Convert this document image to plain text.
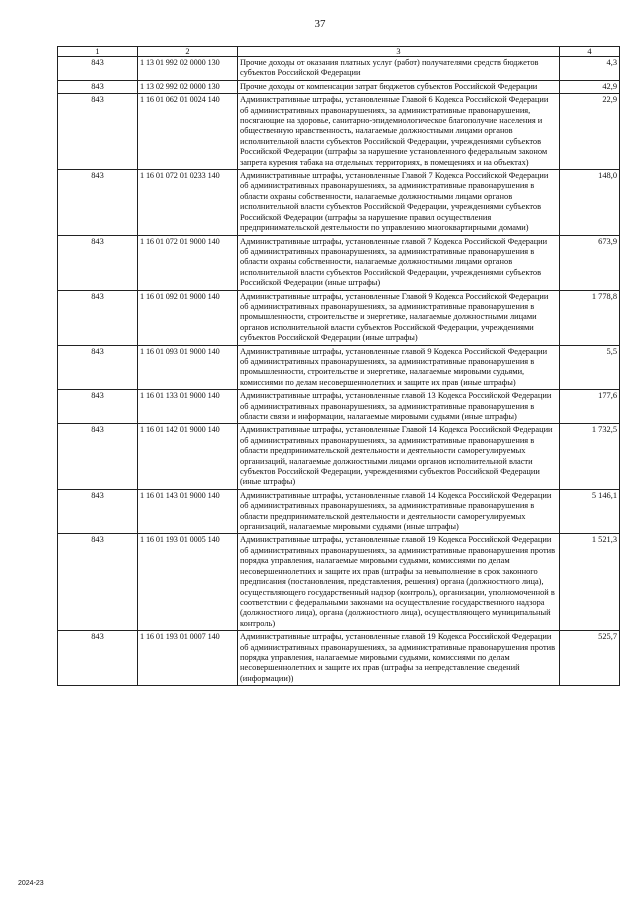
37
1	2	3	4
843	1 13 01 992 02 0000 130	Прочие доходы от оказания платных услуг (работ) получателями средств бюджетов субъектов Российской Федерации	4,3
843	1 13 02 992 02 0000 130	Прочие доходы от компенсации затрат бюджетов субъектов Российской Федерации	42,9
843	1 16 01 062 01 0024 140	Административные штрафы, установленные Главой 6 Кодекса Российской Федерации об административных правонарушениях, за административные правонарушения, посягающие на здоровье, санитарно-эпидемиологическое благополучие населения и общественную нравственность, налагаемые должностными лицами органов исполнительной власти субъектов Российской Федерации, учреждениями субъектов Российской Федерации (штрафы за нарушение установленного федеральным законом запрета курения табака на отдельных территориях, в помещениях и на объектах)	22,9
843	1 16 01 072 01 0233 140	Административные штрафы, установленные Главой 7 Кодекса Российской Федерации об административных правонарушениях, за административные правонарушения в области охраны собственности, налагаемые должностными лицами органов исполнительной власти субъектов Российской Федерации, учреждениями субъектов Российской Федерации (штрафы за нарушение правил осуществления предпринимательской деятельности по управлению многоквартирными домами)	148,0
843	1 16 01 072 01 9000 140	Административные штрафы, установленные главой 7 Кодекса Российской Федерации об административных правонарушениях, за административные правонарушения в области охраны собственности, налагаемые должностными лицами органов исполнительной власти субъектов Российской Федерации, учреждениями субъектов Российской Федерации (иные штрафы)	673,9
843	1 16 01 092 01 9000 140	Административные штрафы, установленные Главой 9 Кодекса Российской Федерации об административных правонарушениях, за административные правонарушения в промышленности, строительстве и энергетике, налагаемые должностными лицами органов исполнительной власти субъектов Российской Федерации, учреждениями субъектов Российской Федерации (иные штрафы)	1 778,8
843	1 16 01 093 01 9000 140	Административные штрафы, установленные главой 9 Кодекса Российской Федерации об административных правонарушениях, за административные правонарушения в промышленности, строительстве и энергетике, налагаемые мировыми судьями, комиссиями по делам несовершеннолетних и защите их прав (иные штрафы)	5,5
843	1 16 01 133 01 9000 140	Административные штрафы, установленные главой 13 Кодекса Российской Федерации об административных правонарушениях, за административные правонарушения в области связи и информации, налагаемые мировыми судьями (иные штрафы)	177,6
843	1 16 01 142 01 9000 140	Административные штрафы, установленные Главой 14 Кодекса Российской Федерации об административных правонарушениях, за административные правонарушения в области предпринимательской деятельности и деятельности саморегулируемых организаций, налагаемые должностными лицами органов исполнительной власти субъектов Российской Федерации, учреждениями субъектов Российской Федерации (иные штрафы)	1 732,5
843	1 16 01 143 01 9000 140	Административные штрафы, установленные главой 14 Кодекса Российской Федерации об административных правонарушениях, за административные правонарушения в области предпринимательской деятельности и деятельности саморегулируемых организаций, налагаемые мировыми судьями (иные штрафы)	5 146,1
843	1 16 01 193 01 0005 140	Административные штрафы, установленные главой 19 Кодекса Российской Федерации об административных правонарушениях, за административные правонарушения против порядка управления, налагаемые мировыми судьями, комиссиями по делам несовершеннолетних и защите их прав (штрафы за невыполнение в срок законного предписания (постановления, представления, решения) органа (должностного лица), осуществляющего государственный надзор (контроль), организации, уполномоченной в соответствии с федеральными законами на осуществление государственного надзора (должностного лица), органа (должностного лица), осуществляющего муниципальный контроль)	1 521,3
843	1 16 01 193 01 0007 140	Административные штрафы, установленные главой 19 Кодекса Российской Федерации об административных правонарушениях, за административные правонарушения против порядка управления, налагаемые мировыми судьями, комиссиями по делам несовершеннолетних и защите их прав (штрафы за непредставление сведений (информации))	525,7
2024-23
